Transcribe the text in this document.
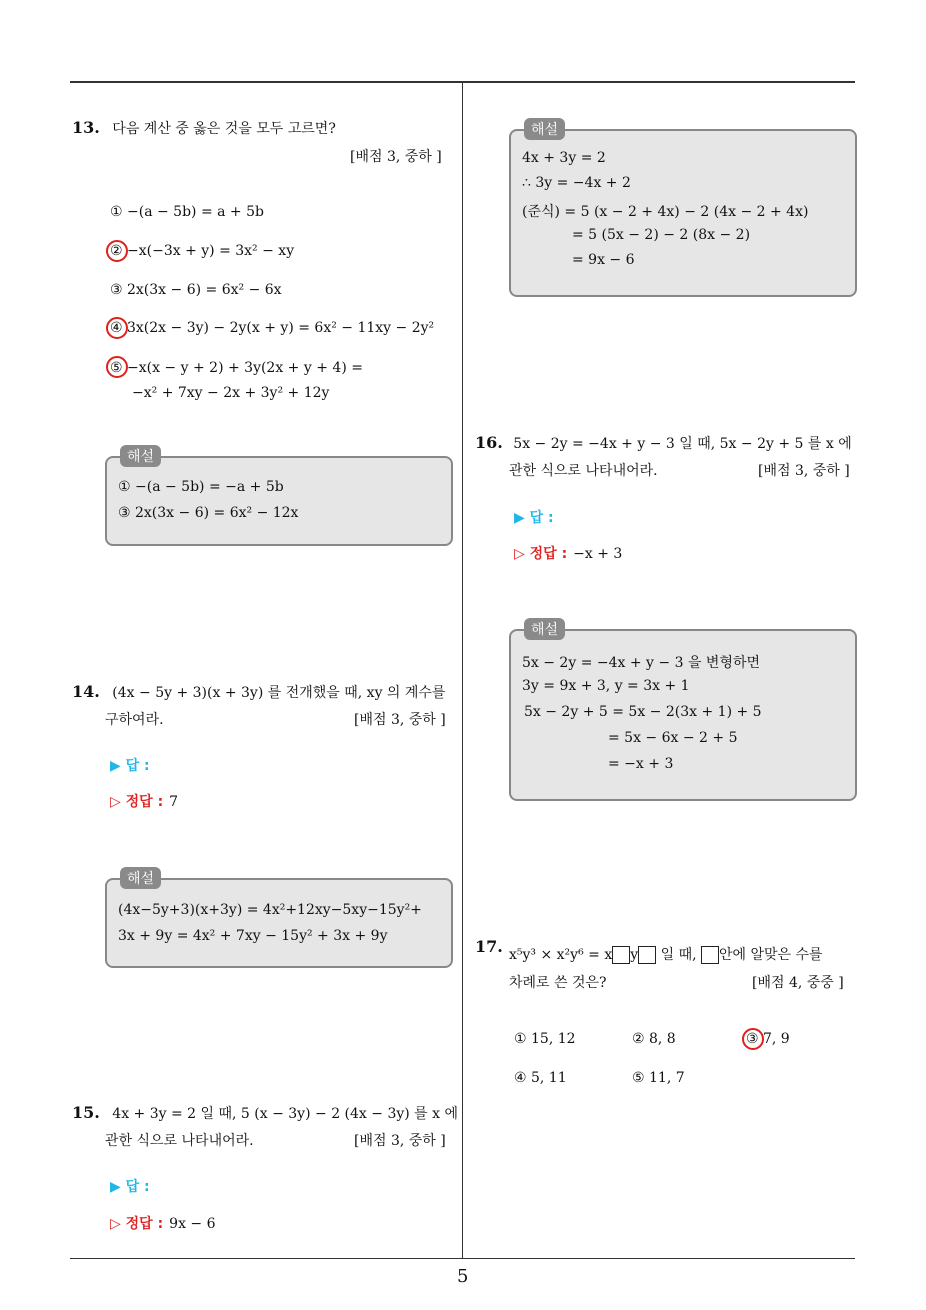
5
13. 다음 계산 중 옳은 것을 모두 고르면?
[배점 3, 중하 ]
① −(a − 5b) = a + 5b
② −x(−3x + y) = 3x² − xy
③ 2x(3x − 6) = 6x² − 6x
④ 3x(2x − 3y) − 2y(x + y) = 6x² − 11xy − 2y²
⑤ −x(x − y + 2) + 3y(2x + y + 4) =
−x² + 7xy − 2x + 3y² + 12y
해설
① −(a − 5b) = −a + 5b
③ 2x(3x − 6) = 6x² − 12x
14. (4x − 5y + 3)(x + 3y) 를 전개했을 때, xy 의 계수를
구하여라.	[배점 3, 중하 ]
▶ 답 :
▷ 정답 : 7
해설
(4x−5y+3)(x+3y) = 4x²+12xy−5xy−15y²+
3x + 9y = 4x² + 7xy − 15y² + 3x + 9y
15. 4x + 3y = 2 일 때, 5 (x − 3y) − 2 (4x − 3y) 를 x 에
관한 식으로 나타내어라.	[배점 3, 중하 ]
▶ 답 :
▷ 정답 : 9x − 6
해설
4x + 3y = 2
∴ 3y = −4x + 2
(준식) = 5 (x − 2 + 4x) − 2 (4x − 2 + 4x)
= 5 (5x − 2) − 2 (8x − 2)
= 9x − 6
16. 5x − 2y = −4x + y − 3 일 때, 5x − 2y + 5 를 x 에
관한 식으로 나타내어라.	[배점 3, 중하 ]
▶ 답 :
▷ 정답 : −x + 3
해설
5x − 2y = −4x + y − 3 을 변형하면
3y = 9x + 3, y = 3x + 1
5x − 2y + 5 = 5x − 2(3x + 1) + 5
= 5x − 6x − 2 + 5
= −x + 3
17. x⁵y³ × x²y⁶ = x y 일 때, 안에 알맞은 수를
차례로 쓴 것은?	[배점 4, 중중 ]
① 15, 12	② 8, 8	③ 7, 9
④ 5, 11	⑤ 11, 7
